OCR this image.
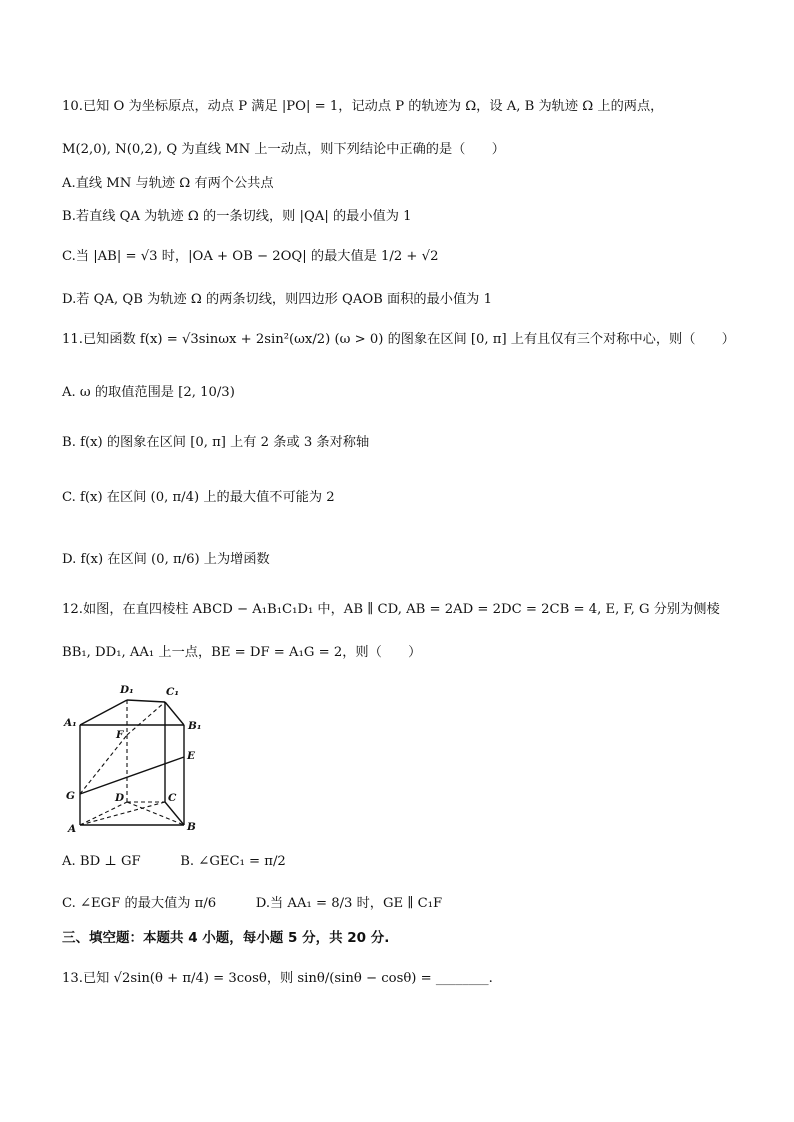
10.已知 O 为坐标原点，动点 P 满足 |PO| = 1，记动点 P 的轨迹为 Ω，设 A, B 为轨迹 Ω 上的两点，
M(2,0), N(0,2), Q 为直线 MN 上一动点，则下列结论中正确的是（　　）
A.直线 MN 与轨迹 Ω 有两个公共点
B.若直线 QA 为轨迹 Ω 的一条切线，则 |QA| 的最小值为 1
C.当 |AB| = √3 时，|OA + OB − 2OQ| 的最大值是 1/2 + √2
D.若 QA, QB 为轨迹 Ω 的两条切线，则四边形 QAOB 面积的最小值为 1
11.已知函数 f(x) = √3sinωx + 2sin²(ωx/2) (ω > 0) 的图象在区间 [0, π] 上有且仅有三个对称中心，则（　　）
A. ω 的取值范围是 [2, 10/3)
B. f(x) 的图象在区间 [0, π] 上有 2 条或 3 条对称轴
C. f(x) 在区间 (0, π/4) 上的最大值不可能为 2
D. f(x) 在区间 (0, π/6) 上为增函数
12.如图，在直四棱柱 ABCD − A₁B₁C₁D₁ 中，AB ∥ CD, AB = 2AD = 2DC = 2CB = 4, E, F, G 分别为侧棱
BB₁, DD₁, AA₁ 上一点，BE = DF = A₁G = 2，则（　　）
D₁	C₁
A₁	B₁
F
E
G	D	C
A	B
A. BD ⊥ GF　　　B. ∠GEC₁ = π/2
C. ∠EGF 的最大值为 π/6　　　D.当 AA₁ = 8/3 时，GE ∥ C₁F
三、填空题：本题共 4 小题，每小题 5 分，共 20 分.
13.已知 √2sin(θ + π/4) = 3cosθ，则 sinθ/(sinθ − cosθ) = ________.
